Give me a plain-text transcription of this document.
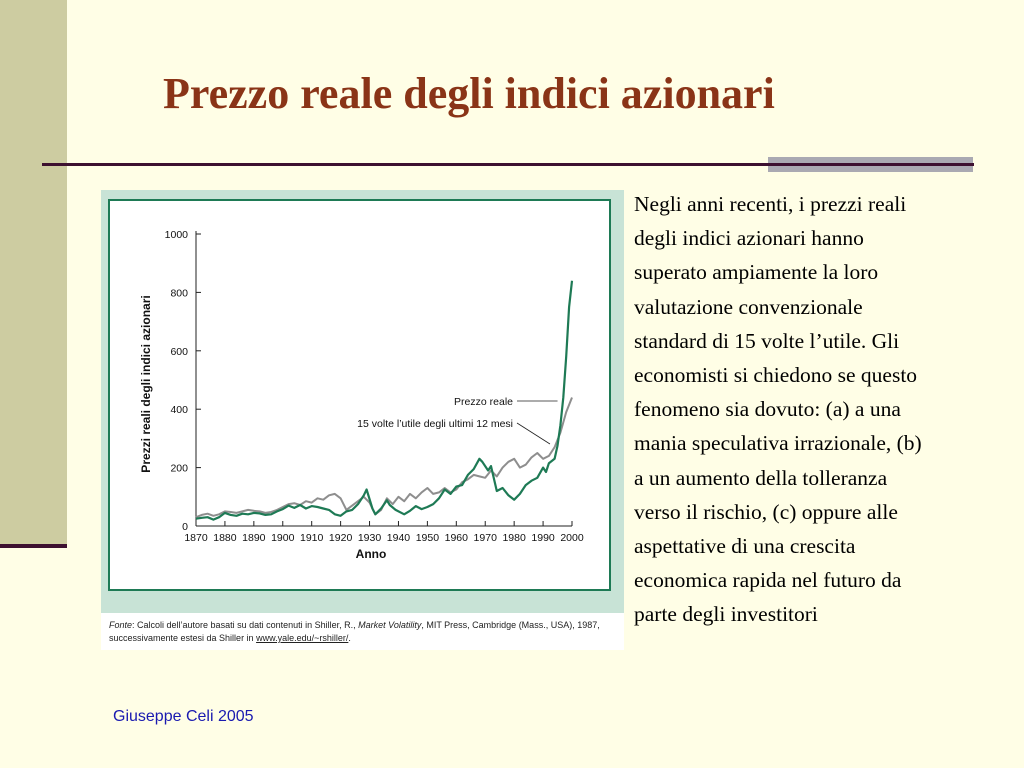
Prezzo reale degli indici azionari
0
200
400
600
800
1000
1870 1880 1890 1900 1910 1920 1930 1940 1950 1960 1970 1980 1990 2000
Anno
Prezzi reali degli indici azionari	Prezzo reale
15 volte l’utile degli ultimi 12 mesi
Fonte: Calcoli dell’autore basati su dati contenuti in Shiller, R., Market Volatility, MIT Press, Cambridge (Mass., USA), 1987,
successivamente estesi da Shiller in www.yale.edu/~rshiller/.

Negli anni recenti, i prezzi reali
degli indici azionari hanno
superato ampiamente la loro
valutazione convenzionale
standard di 15 volte l’utile. Gli
economisti si chiedono se questo
fenomeno sia dovuto: (a) a una
mania speculativa irrazionale, (b)
a un aumento della tolleranza
verso il rischio, (c) oppure alle
aspettative di una crescita
economica rapida nel futuro da
parte degli investitori

Giuseppe Celi 2005
